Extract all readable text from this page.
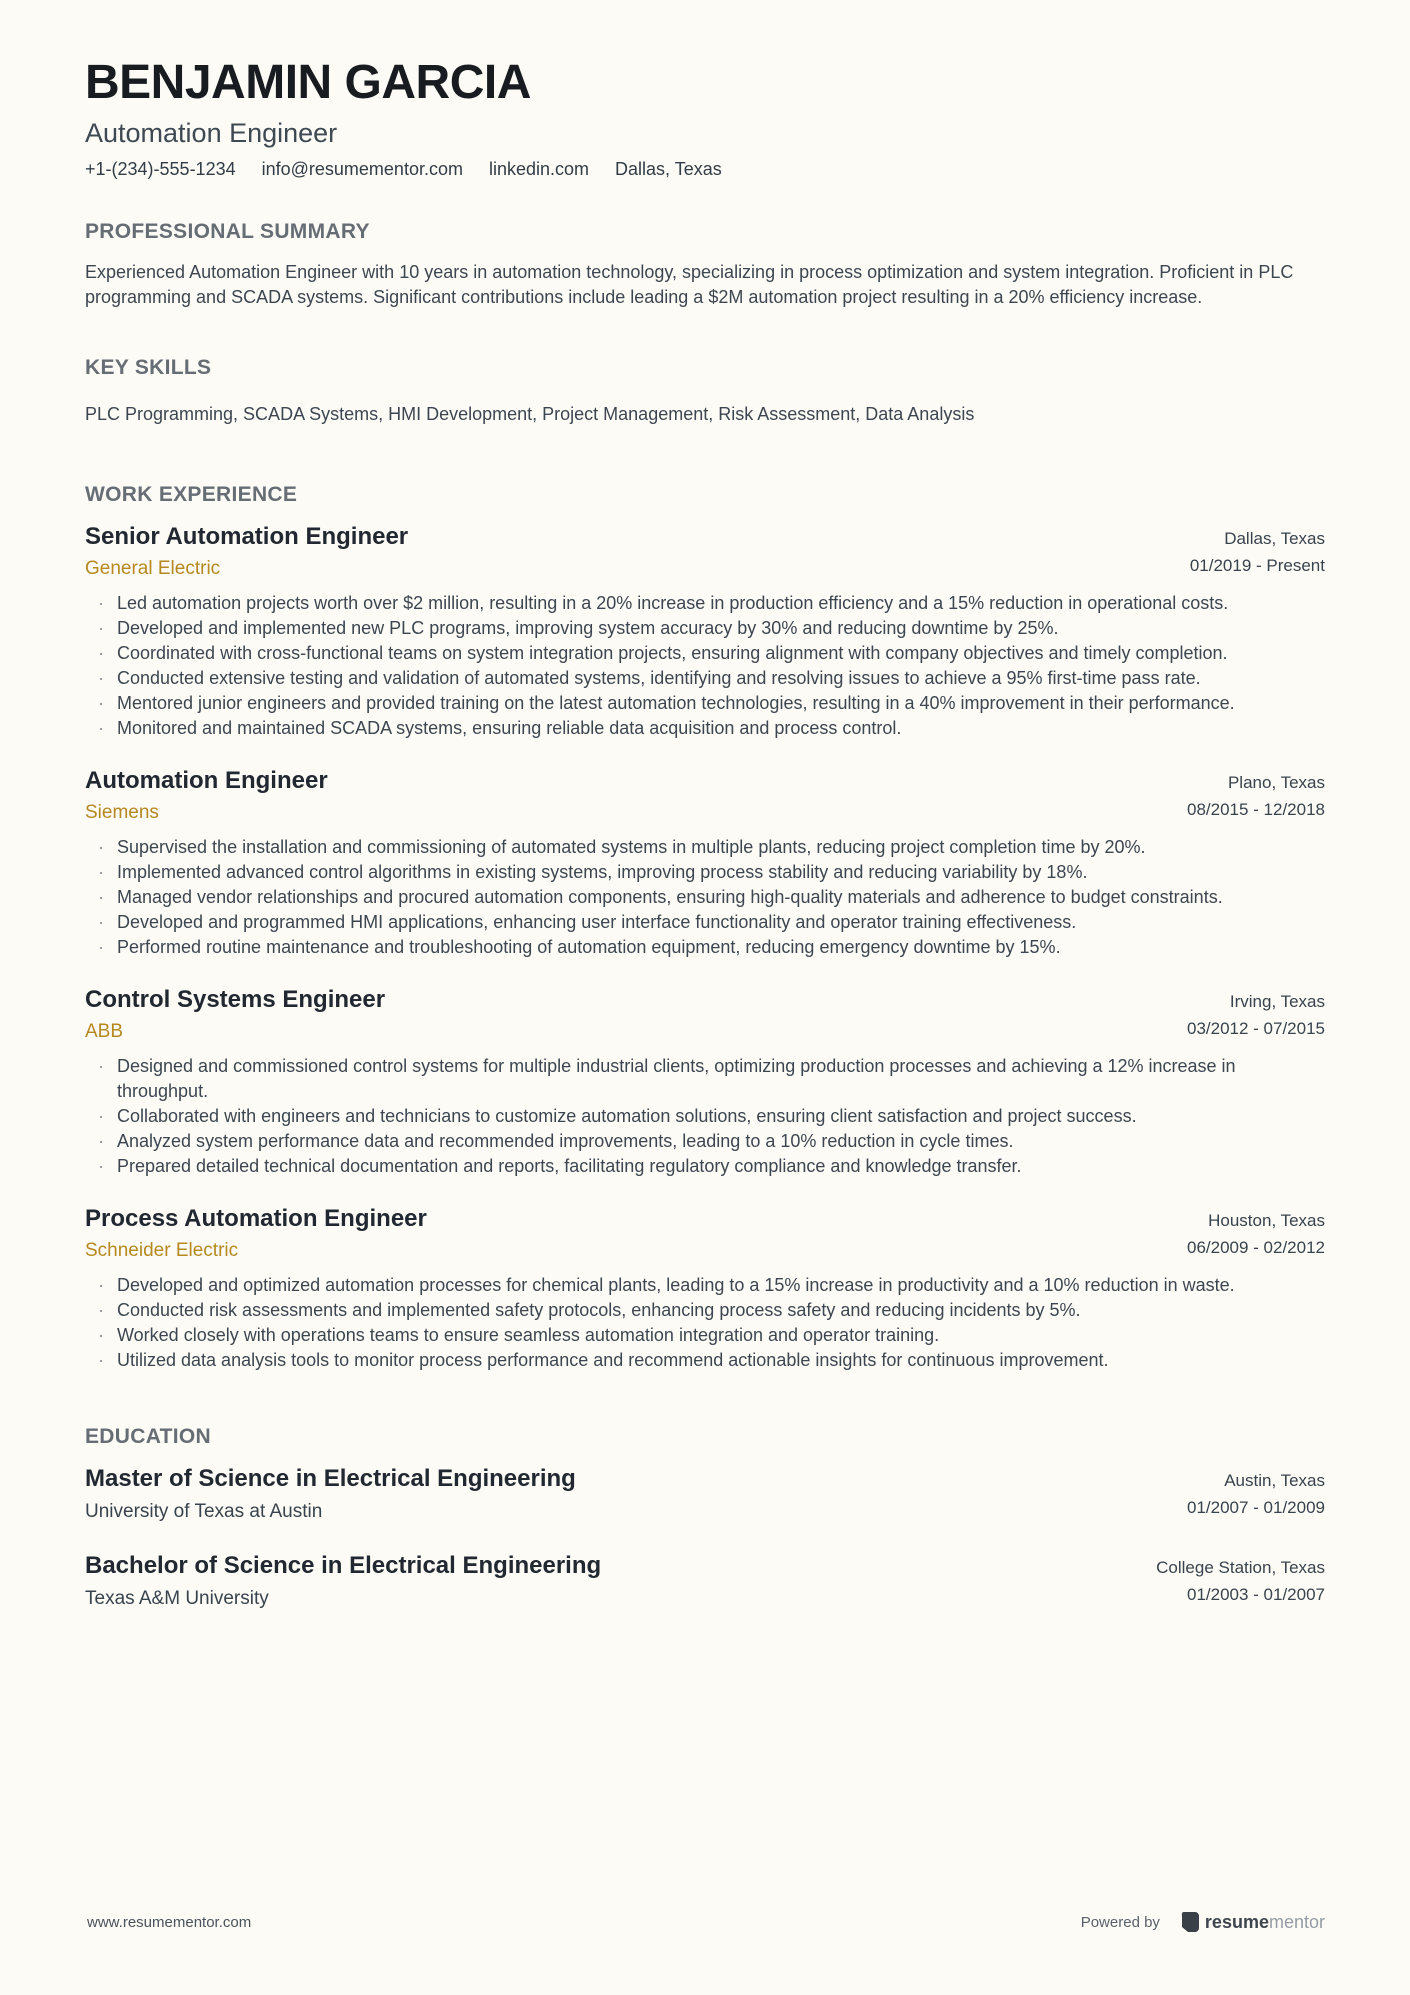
BENJAMIN GARCIA
Automation Engineer
+1-(234)-555-1234 info@resumementor.com linkedin.com Dallas, Texas
PROFESSIONAL SUMMARY

Experienced Automation Engineer with 10 years in automation technology, specializing in process optimization and system integration. Proficient in PLC programming and SCADA systems. Significant contributions include leading a $2M automation project resulting in a 20% efficiency increase.

KEY SKILLS

PLC Programming, SCADA Systems, HMI Development, Project Management, Risk Assessment, Data Analysis

WORK EXPERIENCE
Senior Automation Engineer
General Electric
Dallas, Texas
01/2019 - Present
· Led automation projects worth over $2 million, resulting in a 20% increase in production efficiency and a 15% reduction in operational costs.
· Developed and implemented new PLC programs, improving system accuracy by 30% and reducing downtime by 25%.
· Coordinated with cross-functional teams on system integration projects, ensuring alignment with company objectives and timely completion.
· Conducted extensive testing and validation of automated systems, identifying and resolving issues to achieve a 95% first-time pass rate.
· Mentored junior engineers and provided training on the latest automation technologies, resulting in a 40% improvement in their performance.
· Monitored and maintained SCADA systems, ensuring reliable data acquisition and process control.
Automation Engineer
Siemens
Plano, Texas
08/2015 - 12/2018
· Supervised the installation and commissioning of automated systems in multiple plants, reducing project completion time by 20%.
· Implemented advanced control algorithms in existing systems, improving process stability and reducing variability by 18%.
· Managed vendor relationships and procured automation components, ensuring high-quality materials and adherence to budget constraints.
· Developed and programmed HMI applications, enhancing user interface functionality and operator training effectiveness.
· Performed routine maintenance and troubleshooting of automation equipment, reducing emergency downtime by 15%.
Control Systems Engineer
ABB
Irving, Texas
03/2012 - 07/2015
· Designed and commissioned control systems for multiple industrial clients, optimizing production processes and achieving a 12% increase in throughput.
· Collaborated with engineers and technicians to customize automation solutions, ensuring client satisfaction and project success.
· Analyzed system performance data and recommended improvements, leading to a 10% reduction in cycle times.
· Prepared detailed technical documentation and reports, facilitating regulatory compliance and knowledge transfer.
Process Automation Engineer
Schneider Electric
Houston, Texas
06/2009 - 02/2012
· Developed and optimized automation processes for chemical plants, leading to a 15% increase in productivity and a 10% reduction in waste.
· Conducted risk assessments and implemented safety protocols, enhancing process safety and reducing incidents by 5%.
· Worked closely with operations teams to ensure seamless automation integration and operator training.
· Utilized data analysis tools to monitor process performance and recommend actionable insights for continuous improvement.
EDUCATION
Master of Science in Electrical Engineering
University of Texas at Austin
Austin, Texas
01/2007 - 01/2009
Bachelor of Science in Electrical Engineering
Texas A&M University
College Station, Texas
01/2003 - 01/2007
www.resumementor.com	Powered by	resumementor
